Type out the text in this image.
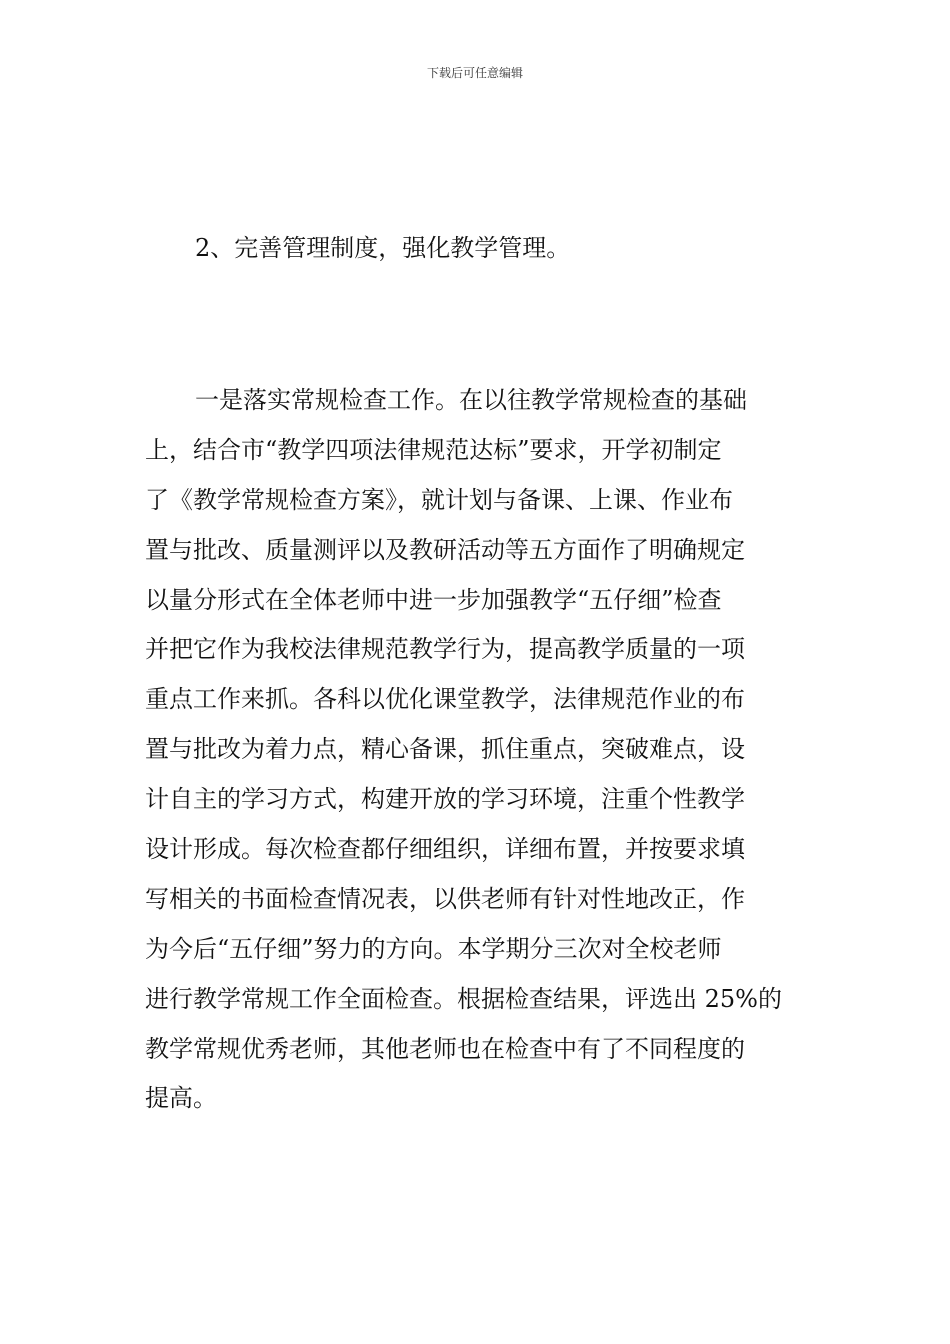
下载后可任意编辑
2、完善管理制度，强化教学管理。
一是落实常规检查工作。在以往教学常规检查的基础
上，结合市“教学四项法律规范达标”要求，开学初制定
了《教学常规检查方案》，就计划与备课、上课、作业布
置与批改、质量测评以及教研活动等五方面作了明确规定
以量分形式在全体老师中进一步加强教学“五仔细”检查
并把它作为我校法律规范教学行为，提高教学质量的一项
重点工作来抓。各科以优化课堂教学，法律规范作业的布
置与批改为着力点，精心备课，抓住重点，突破难点，设
计自主的学习方式，构建开放的学习环境，注重个性教学
设计形成。每次检查都仔细组织，详细布置，并按要求填
写相关的书面检查情况表，以供老师有针对性地改正，作
为今后“五仔细”努力的方向。本学期分三次对全校老师
进行教学常规工作全面检查。根据检查结果，评选出 25%的
教学常规优秀老师，其他老师也在检查中有了不同程度的
提高。
